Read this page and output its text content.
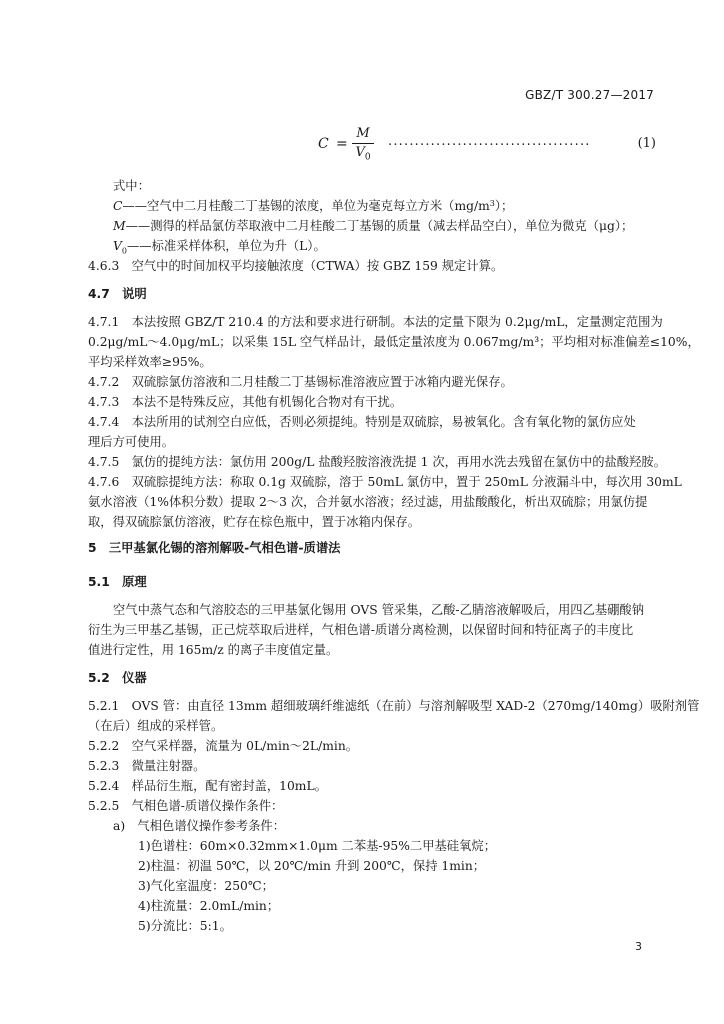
GBZ/T 300.27—2017
C =
M
$V_0$
......................................	(1)
式中：
C——空气中二月桂酸二丁基锡的浓度，单位为毫克每立方米$(mg/m^3)$；
M——测得的样品氯仿萃取液中二月桂酸二丁基锡的质量（减去样品空白），单位为微克（μg）；
$V_0——$标准采样体积，单位为升（L）。
4.6.3　空气中的时间加权平均接触浓度（CTWA）按 GBZ 159 规定计算。
4.7　 说明
4.7.1　本法按照 GBZ/T 210.4 的方法和要求进行研制。本法的定量下限为 0.2μg/mL，定量测定范围为
0.2μg/mL～4.0μg/mL；以采集 15L 空气样品计，最低定量浓度为 0.067mg/m³；平均相对标准偏差≤10%，
平均采样效率≥95%。
4.7.2　双硫腙氯仿溶液和二月桂酸二丁基锡标准溶液应置于冰箱内避光保存。
4.7.3　本法不是特殊反应，其他有机锡化合物对有干扰。
4.7.4　本法所用的试剂空白应低，否则必须提纯。特别是双硫腙，易被氧化。含有氧化物的氯仿应处
理后方可使用。
4.7.5　氯仿的提纯方法：氯仿用 200g/L 盐酸羟胺溶液洗提 1 次，再用水洗去残留在氯仿中的盐酸羟胺。
4.7.6　双硫腙提纯方法：称取 0.1g 双硫腙，溶于 50mL 氯仿中，置于 250mL 分液漏斗中，每次用 30mL
氨水溶液（1%体积分数）提取 2～3 次，合并氨水溶液；经过滤，用盐酸酸化，析出双硫腙；用氯仿提
取，得双硫腙氯仿溶液，贮存在棕色瓶中，置于冰箱内保存。
5　 三甲基氯化锡的溶剂解吸-气相色谱-质谱法
5.1　 原理
空气中蒸气态和气溶胶态的三甲基氯化锡用 OVS 管采集，乙酸-乙腈溶液解吸后，用四乙基硼酸钠
衍生为三甲基乙基锡，正己烷萃取后进样，气相色谱-质谱分离检测，以保留时间和特征离子的丰度比
值进行定性，用 165m/z 的离子丰度值定量。
5.2　 仪器
5.2.1　OVS 管：由直径 13mm 超细玻璃纤维滤纸（在前）与溶剂解吸型 XAD-2（270mg/140mg）吸附剂管
（在后）组成的采样管。
5.2.2　空气采样器，流量为 0L/min～2L/min。
5.2.3　微量注射器。
5.2.4　样品衍生瓶，配有密封盖，10mL。
5.2.5　气相色谱-质谱仪操作条件：
a)　气相色谱仪操作参考条件：
1)色谱柱：60m×0.32mm×1.0μm 二苯基-95%二甲基硅氧烷；
2)柱温：初温 50℃，以 20℃/min 升到 200℃，保持 1min；
3)气化室温度：250℃；
4)柱流量：2.0mL/min；
5)分流比：5:1。
3
